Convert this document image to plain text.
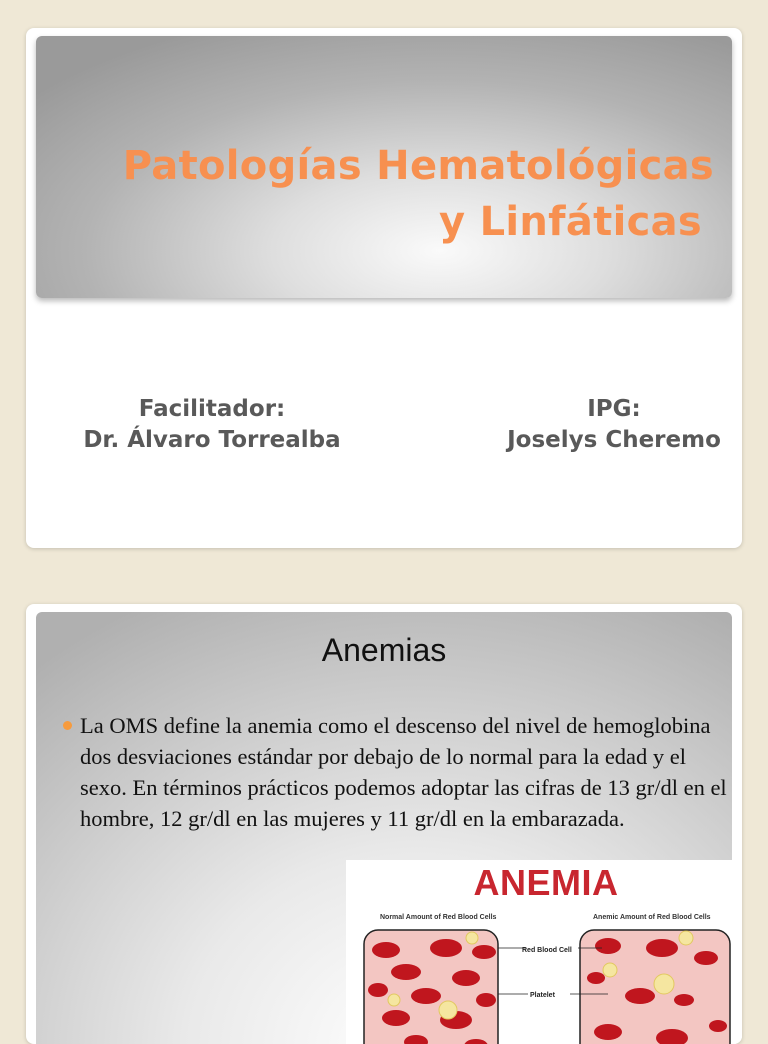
Patologías Hematológicas
y Linfáticas
Facilitador:
Dr. Álvaro Torrealba
IPG:
Joselys Cheremo
Anemias
La OMS define la anemia como el descenso del nivel de hemoglobina dos desviaciones estándar por debajo de lo normal para la edad y el sexo. En términos prácticos podemos adoptar las cifras de 13 gr/dl en el hombre, 12 gr/dl en las mujeres y 11 gr/dl en la embarazada.
ANEMIA
Normal Amount of Red Blood Cells	Anemic Amount of Red Blood Cells
Red Blood Cell
Platelet
